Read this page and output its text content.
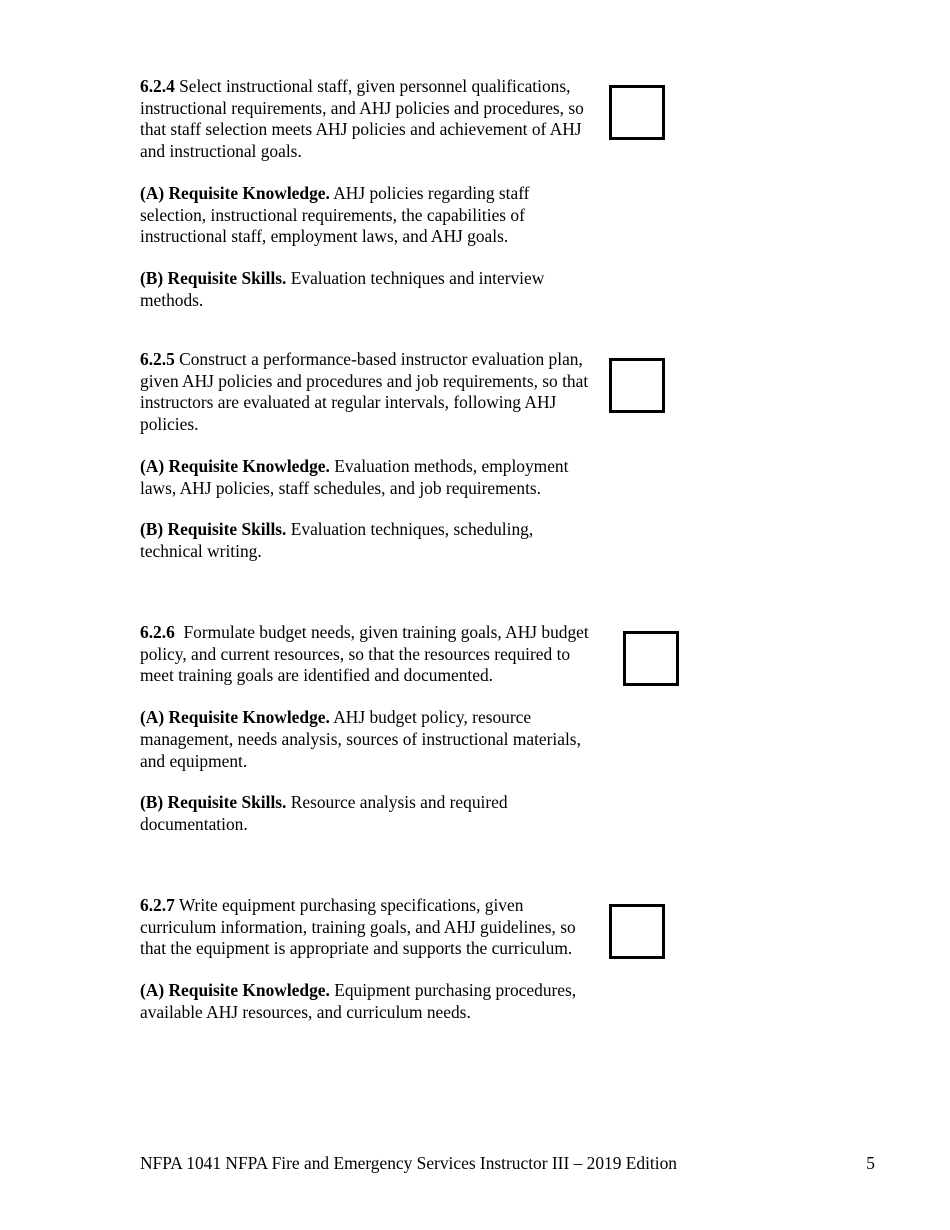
6.2.4 Select instructional staff, given personnel qualifications, instructional requirements, and AHJ policies and procedures, so that staff selection meets AHJ policies and achievement of AHJ and instructional goals.

(A) Requisite Knowledge. AHJ policies regarding staff selection, instructional requirements, the capabilities of instructional staff, employment laws, and AHJ goals.

(B) Requisite Skills. Evaluation techniques and interview methods.

6.2.5 Construct a performance-based instructor evaluation plan, given AHJ policies and procedures and job requirements, so that instructors are evaluated at regular intervals, following AHJ policies.

(A) Requisite Knowledge. Evaluation methods, employment laws, AHJ policies, staff schedules, and job requirements.

(B) Requisite Skills. Evaluation techniques, scheduling, technical writing.

6.2.6  Formulate budget needs, given training goals, AHJ budget policy, and current resources, so that the resources required to meet training goals are identified and documented.

(A) Requisite Knowledge. AHJ budget policy, resource management, needs analysis, sources of instructional materials, and equipment.

(B) Requisite Skills. Resource analysis and required documentation.

6.2.7 Write equipment purchasing specifications, given curriculum information, training goals, and AHJ guidelines, so that the equipment is appropriate and supports the curriculum.

(A) Requisite Knowledge. Equipment purchasing procedures, available AHJ resources, and curriculum needs.

NFPA 1041 NFPA Fire and Emergency Services Instructor III – 2019 Edition	5
